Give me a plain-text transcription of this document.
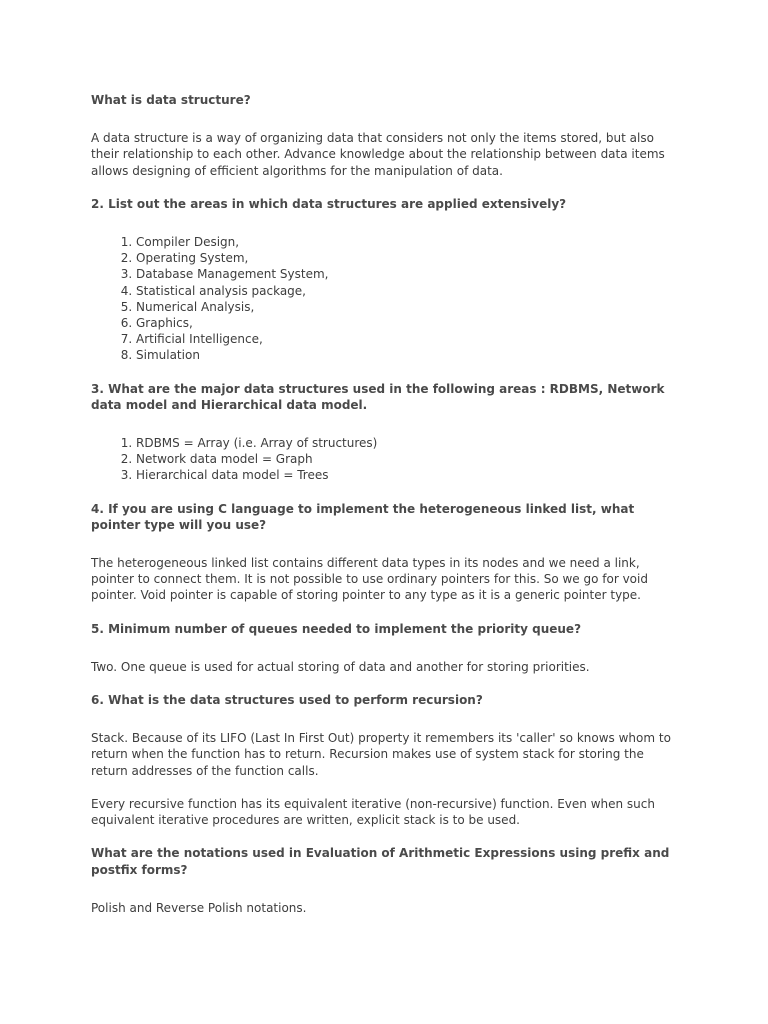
What is data structure?

A data structure is a way of organizing data that considers not only the items stored, but also their relationship to each other. Advance knowledge about the relationship between data items allows designing of efficient algorithms for the manipulation of data.

2. List out the areas in which data structures are applied extensively?

1. Compiler Design,
2. Operating System,
3. Database Management System,
4. Statistical analysis package,
5. Numerical Analysis,
6. Graphics,
7. Artificial Intelligence,
8. Simulation

3. What are the major data structures used in the following areas : RDBMS, Network data model and Hierarchical data model.

1. RDBMS = Array (i.e. Array of structures)
2. Network data model = Graph
3. Hierarchical data model = Trees

4. If you are using C language to implement the heterogeneous linked list, what pointer type will you use?

The heterogeneous linked list contains different data types in its nodes and we need a link, pointer to connect them. It is not possible to use ordinary pointers for this. So we go for void pointer. Void pointer is capable of storing pointer to any type as it is a generic pointer type.

5. Minimum number of queues needed to implement the priority queue?

Two. One queue is used for actual storing of data and another for storing priorities.

6. What is the data structures used to perform recursion?

Stack. Because of its LIFO (Last In First Out) property it remembers its 'caller' so knows whom to return when the function has to return. Recursion makes use of system stack for storing the return addresses of the function calls.

Every recursive function has its equivalent iterative (non-recursive) function. Even when such equivalent iterative procedures are written, explicit stack is to be used.

What are the notations used in Evaluation of Arithmetic Expressions using prefix and postfix forms?

Polish and Reverse Polish notations.
